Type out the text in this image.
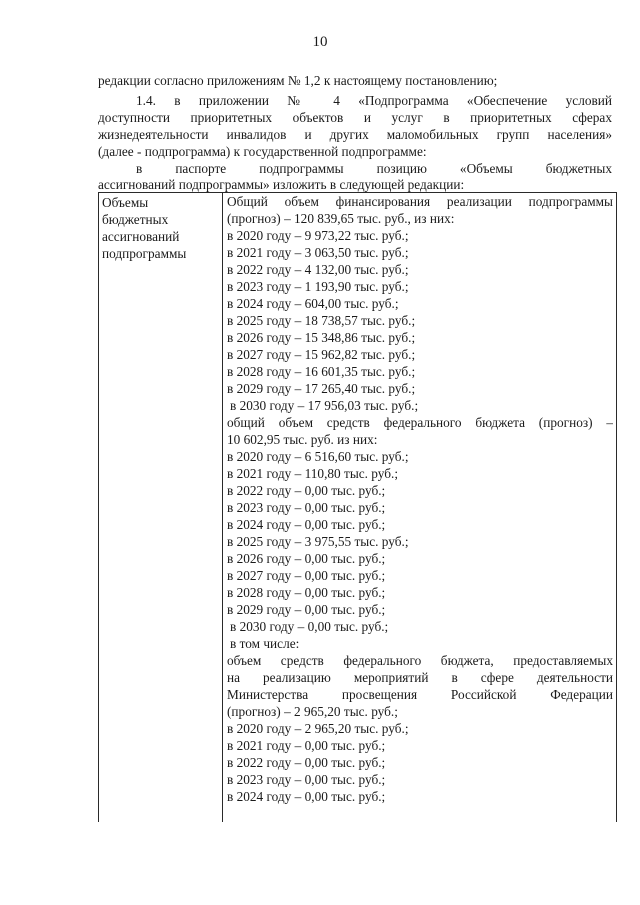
10
редакции согласно приложениям № 1,2 к настоящему постановлению;
1.4. в приложении № 4 «Подпрограмма «Обеспечение условий
доступности приоритетных объектов и услуг в приоритетных сферах
жизнедеятельности инвалидов и других маломобильных групп населения»
(далее - подпрограмма) к государственной подпрограмме:
в паспорте подпрограммы позицию «Объемы бюджетных
ассигнований подпрограммы» изложить в следующей редакции:
Объемы
бюджетных
ассигнований
подпрограммы
Общий объем финансирования реализации подпрограммы
(прогноз) – 120 839,65 тыс. руб., из них:
в 2020 году – 9 973,22 тыс. руб.;
в 2021 году – 3 063,50 тыс. руб.;
в 2022 году – 4 132,00 тыс. руб.;
в 2023 году – 1 193,90 тыс. руб.;
в 2024 году – 604,00 тыс. руб.;
в 2025 году – 18 738,57 тыс. руб.;
в 2026 году – 15 348,86 тыс. руб.;
в 2027 году – 15 962,82 тыс. руб.;
в 2028 году – 16 601,35 тыс. руб.;
в 2029 году – 17 265,40 тыс. руб.;
в 2030 году – 17 956,03 тыс. руб.;
общий объем средств федерального бюджета (прогноз) –
10 602,95 тыс. руб. из них:
в 2020 году – 6 516,60 тыс. руб.;
в 2021 году – 110,80 тыс. руб.;
в 2022 году – 0,00 тыс. руб.;
в 2023 году – 0,00 тыс. руб.;
в 2024 году – 0,00 тыс. руб.;
в 2025 году – 3 975,55 тыс. руб.;
в 2026 году – 0,00 тыс. руб.;
в 2027 году – 0,00 тыс. руб.;
в 2028 году – 0,00 тыс. руб.;
в 2029 году – 0,00 тыс. руб.;
в 2030 году – 0,00 тыс. руб.;
в том числе:
объем средств федерального бюджета, предоставляемых
на реализацию мероприятий в сфере деятельности
Министерства просвещения Российской Федерации
(прогноз) – 2 965,20 тыс. руб.;
в 2020 году – 2 965,20 тыс. руб.;
в 2021 году – 0,00 тыс. руб.;
в 2022 году – 0,00 тыс. руб.;
в 2023 году – 0,00 тыс. руб.;
в 2024 году – 0,00 тыс. руб.;
